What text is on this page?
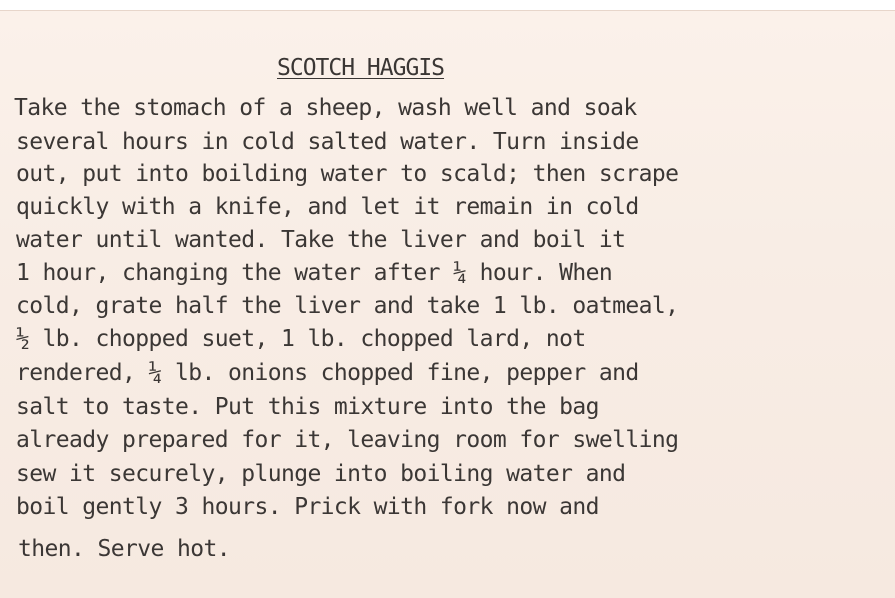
SCOTCH HAGGIS

Take the stomach of a sheep, wash well and soak

several hours in cold salted water. Turn inside

out, put into boilding water to scald; then scrape

quickly with a knife, and let it remain in cold

water until wanted. Take the liver and boil it

1 hour, changing the water after ¼ hour. When

cold, grate half the liver and take 1 lb. oatmeal,

½ lb. chopped suet, 1 lb. chopped lard, not

rendered, ¼ lb. onions chopped fine, pepper and

salt to taste. Put this mixture into the bag

already prepared for it, leaving room for swelling

sew it securely, plunge into boiling water and

boil gently 3 hours. Prick with fork now and

then. Serve hot.
